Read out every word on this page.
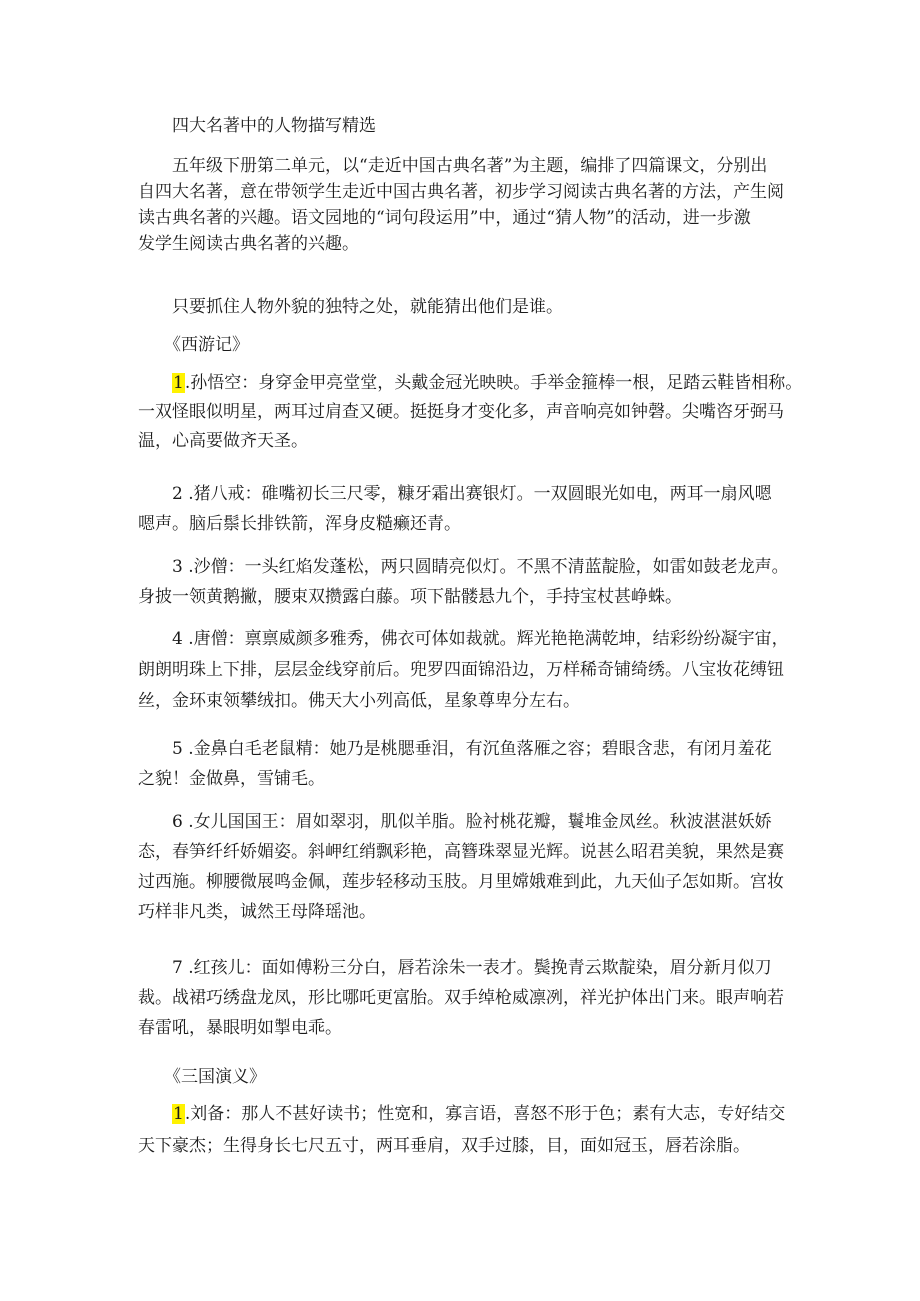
四大名著中的人物描写精选
五年级下册第二单元，以“走近中国古典名著”为主题，编排了四篇课文，分别出
自四大名著，意在带领学生走近中国古典名著，初步学习阅读古典名著的方法，产生阅
读古典名著的兴趣。语文园地的“词句段运用”中，通过“猜人物”的活动，进一步激
发学生阅读古典名著的兴趣。
只要抓住人物外貌的独特之处，就能猜出他们是谁。
《西游记》
1.孙悟空：身穿金甲亮堂堂，头戴金冠光映映。手举金箍棒一根，足踏云鞋皆相称。
一双怪眼似明星，两耳过肩查又硬。挺挺身才变化多，声音响亮如钟磬。尖嘴咨牙弼马
温，心高要做齐天圣。
2 .猪八戒：碓嘴初长三尺零，糠牙霜出赛银灯。一双圆眼光如电，两耳一扇风嗯
嗯声。脑后鬃长排铁箭，浑身皮糙癞还青。
3 .沙僧：一头红焰发蓬松，两只圆睛亮似灯。不黑不清蓝靛脸，如雷如鼓老龙声。
身披一领黄鹅撇，腰束双攒露白藤。项下骷髅悬九个，手持宝杖甚峥蛛。
4 .唐僧：禀禀威颜多雅秀，佛衣可体如裁就。辉光艳艳满乾坤，结彩纷纷凝宇宙，
朗朗明珠上下排，层层金线穿前后。兜罗四面锦沿边，万样稀奇铺绮绣。八宝妆花缚钮
丝，金环束领攀绒扣。佛天大小列高低，星象尊卑分左右。
5 .金鼻白毛老鼠精：她乃是桃腮垂泪，有沉鱼落雁之容；碧眼含悲，有闭月羞花
之貌！金做鼻，雪铺毛。
6 .女儿国国王：眉如翠羽，肌似羊脂。脸衬桃花瓣，鬟堆金凤丝。秋波湛湛妖娇
态，春笋纤纤娇媚姿。斜岬红绡飘彩艳，高簪珠翠显光辉。说甚么昭君美貌，果然是赛
过西施。柳腰微展鸣金佩，莲步轻移动玉肢。月里嫦娥难到此，九天仙子怎如斯。宫妆
巧样非凡类，诚然王母降瑶池。
7 .红孩儿：面如傅粉三分白，唇若涂朱一表才。鬓挽青云欺靛染，眉分新月似刀
裁。战裙巧绣盘龙凤，形比哪吒更富胎。双手绰枪威凛冽，祥光护体出门来。眼声响若
春雷吼，暴眼明如掣电乖。
《三国演义》
1.刘备：那人不甚好读书；性宽和，寡言语，喜怒不形于色；素有大志，专好结交
天下豪杰；生得身长七尺五寸，两耳垂肩，双手过膝，目，面如冠玉，唇若涂脂。
